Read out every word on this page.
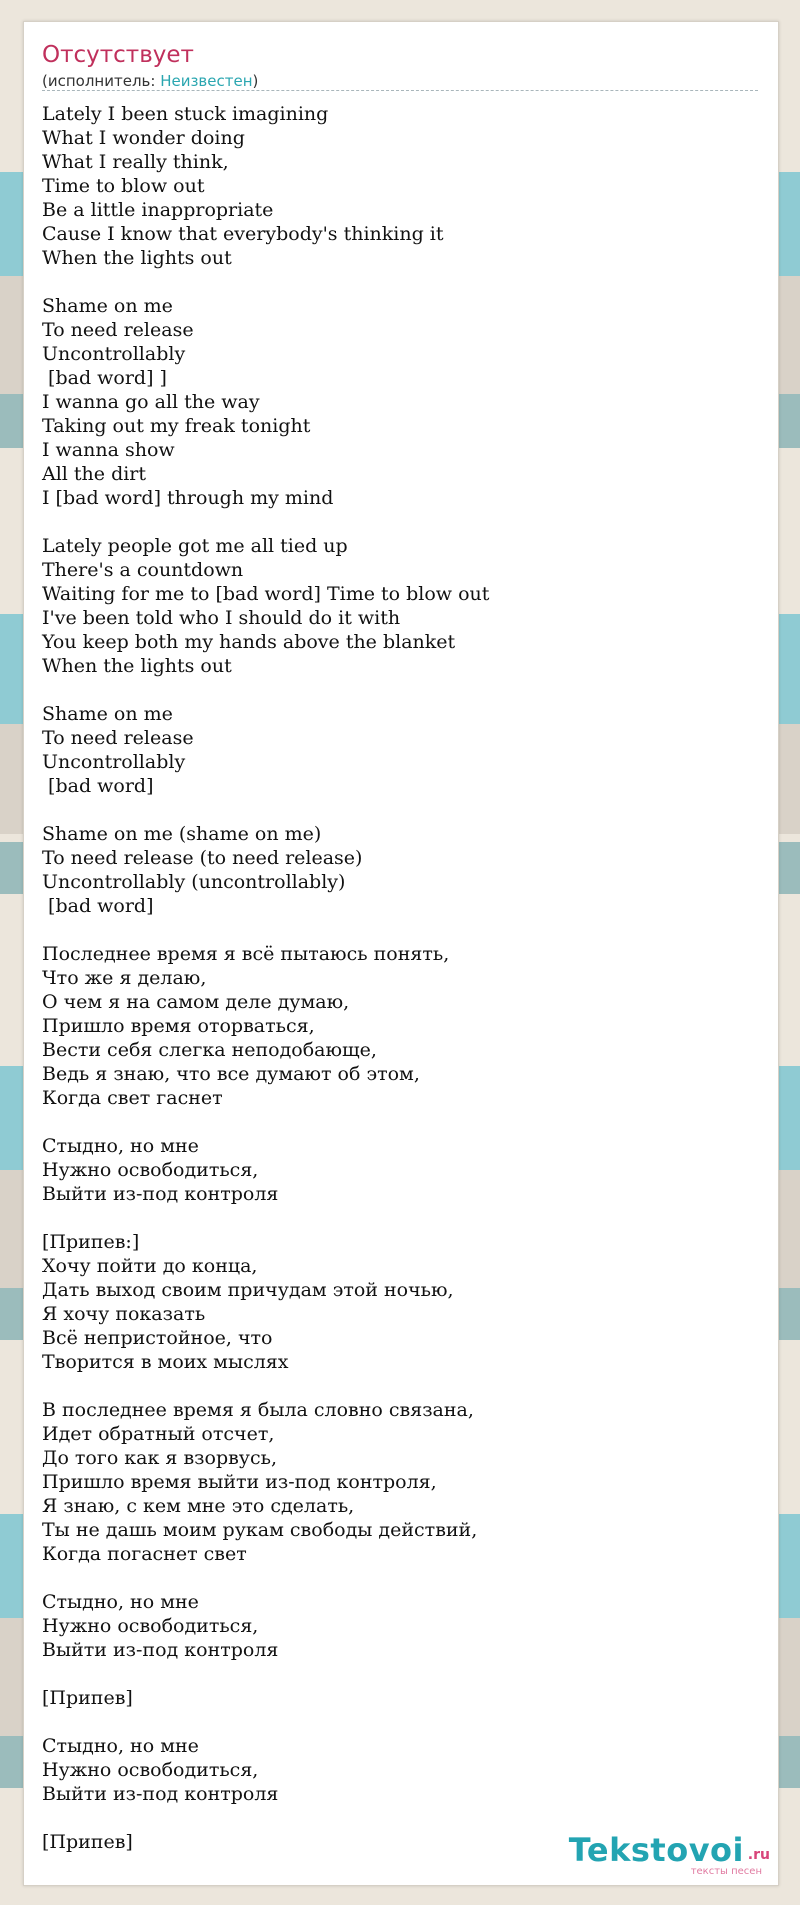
Отсутствует
(исполнитель: Неизвестен)
Lately I been stuck imagining
What I wonder doing
What I really think,
Time to blow out
Be a little inappropriate
Cause I know that everybody's thinking it
When the lights out
Shame on me
To need release
Uncontrollably
[bad word] ]
I wanna go all the way
Taking out my freak tonight
I wanna show
All the dirt
I [bad word] through my mind
Lately people got me all tied up
There's a countdown
Waiting for me to [bad word] Time to blow out
I've been told who I should do it with
You keep both my hands above the blanket
When the lights out
Shame on me
To need release
Uncontrollably
[bad word]
Shame on me (shame on me)
To need release (to need release)
Uncontrollably (uncontrollably)
[bad word]
Последнее время я всё пытаюсь понять,
Что же я делаю,
О чем я на самом деле думаю,
Пришло время оторваться,
Вести себя слегка неподобающе,
Ведь я знаю, что все думают об этом,
Когда свет гаснет
Стыдно, но мне
Нужно освободиться,
Выйти из-под контроля
[Припев:]
Хочу пойти до конца,
Дать выход своим причудам этой ночью,
Я хочу показать
Всё непристойное, что
Творится в моих мыслях
В последнее время я была словно связана,
Идет обратный отсчет,
До того как я взорвусь,
Пришло время выйти из-под контроля,
Я знаю, с кем мне это сделать,
Ты не дашь моим рукам свободы действий,
Когда погаснет свет
Стыдно, но мне
Нужно освободиться,
Выйти из-под контроля
[Припев]
Стыдно, но мне
Нужно освободиться,
Выйти из-под контроля
[Припев]	Tekstovoi .ru
тексты песен
